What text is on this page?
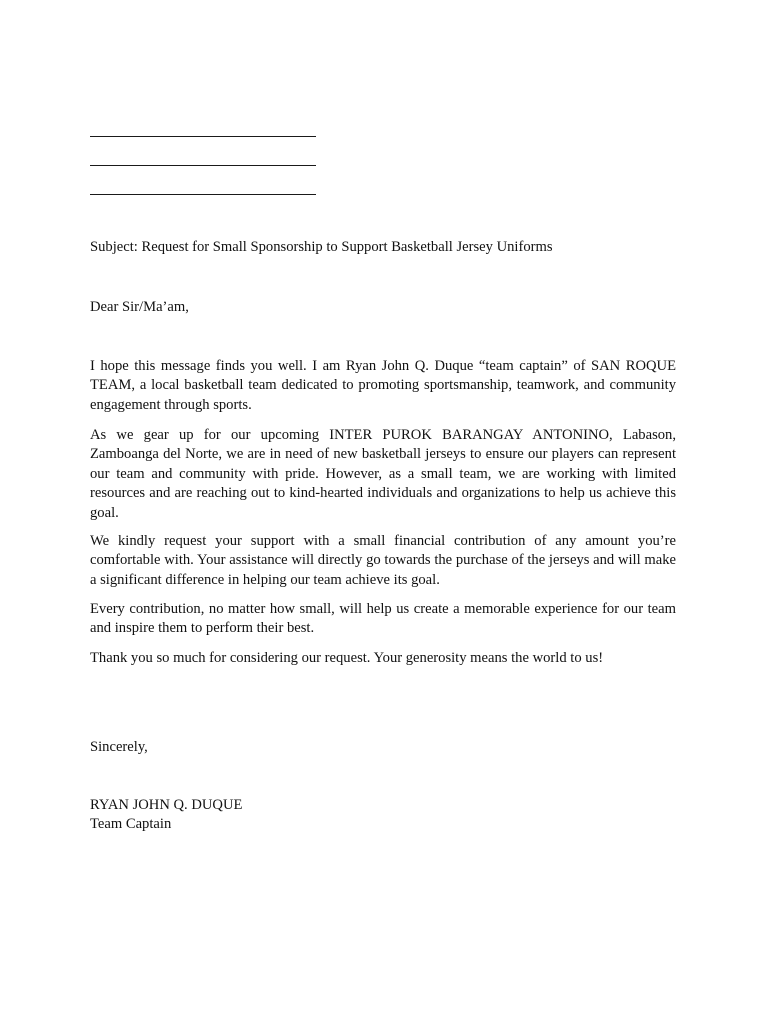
Subject: Request for Small Sponsorship to Support Basketball Jersey Uniforms

Dear Sir/Ma’am,

I hope this message finds you well. I am Ryan John Q. Duque “team captain” of SAN ROQUE TEAM, a local basketball team dedicated to promoting sportsmanship, teamwork, and community engagement through sports.

As we gear up for our upcoming INTER PUROK BARANGAY ANTONINO, Labason, Zamboanga del Norte, we are in need of new basketball jerseys to ensure our players can represent our team and community with pride. However, as a small team, we are working with limited resources and are reaching out to kind-hearted individuals and organizations to help us achieve this goal.

We kindly request your support with a small financial contribution of any amount you’re comfortable with. Your assistance will directly go towards the purchase of the jerseys and will make a significant difference in helping our team achieve its goal.

Every contribution, no matter how small, will help us create a memorable experience for our team and inspire them to perform their best.

Thank you so much for considering our request. Your generosity means the world to us!

Sincerely,

RYAN JOHN Q. DUQUE

Team Captain
